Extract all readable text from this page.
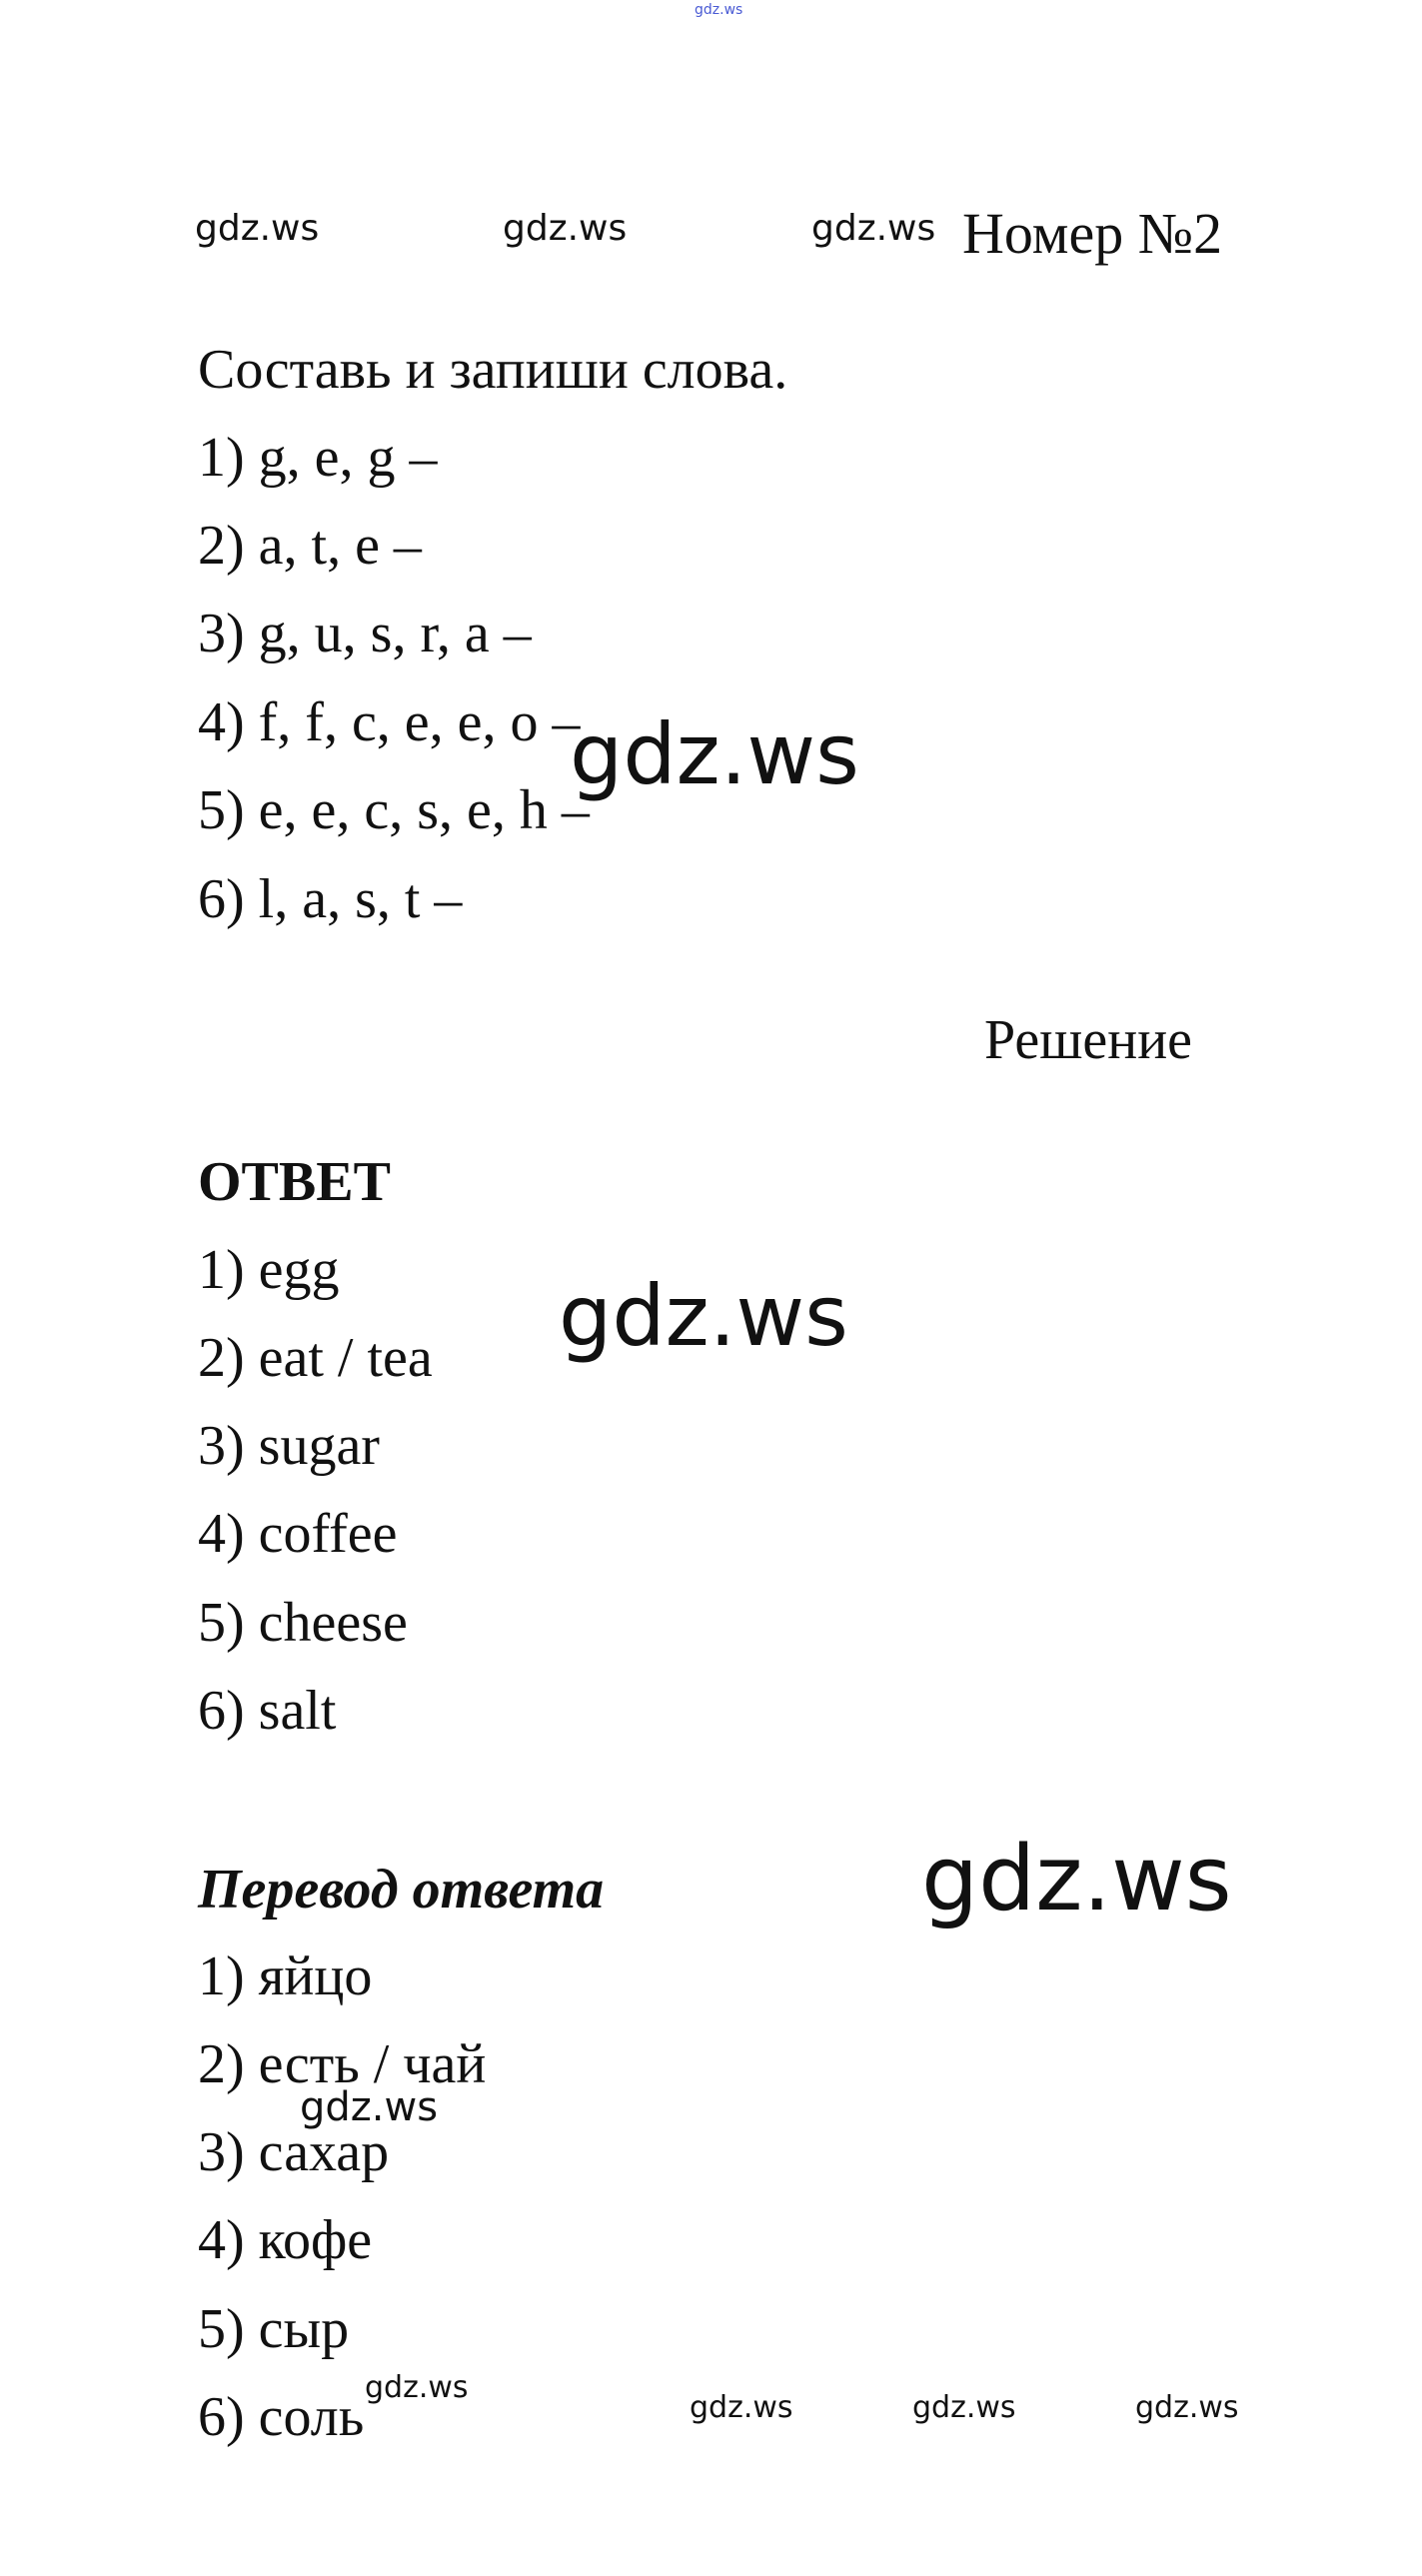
gdz.ws
gdz.ws	gdz.ws	gdz.ws Номер №2
Составь и запиши слова.
1) g, e, g –
2) a, t, e –
3) g, u, s, r, a –
4) f, f, c, e, e, o –
5) e, e, c, s, e, h –
6) l, a, s, t –
gdz.ws
Решение
ОТВЕТ
1) egg
2) eat / tea
3) sugar
4) coffee
5) cheese
6) salt
gdz.ws
Перевод ответа	gdz.ws
1) яйцо
2) есть / чай
gdz.ws
3) сахар
4) кофе
5) сыр
6) соль gdz.ws
gdz.ws	gdz.ws	gdz.ws
